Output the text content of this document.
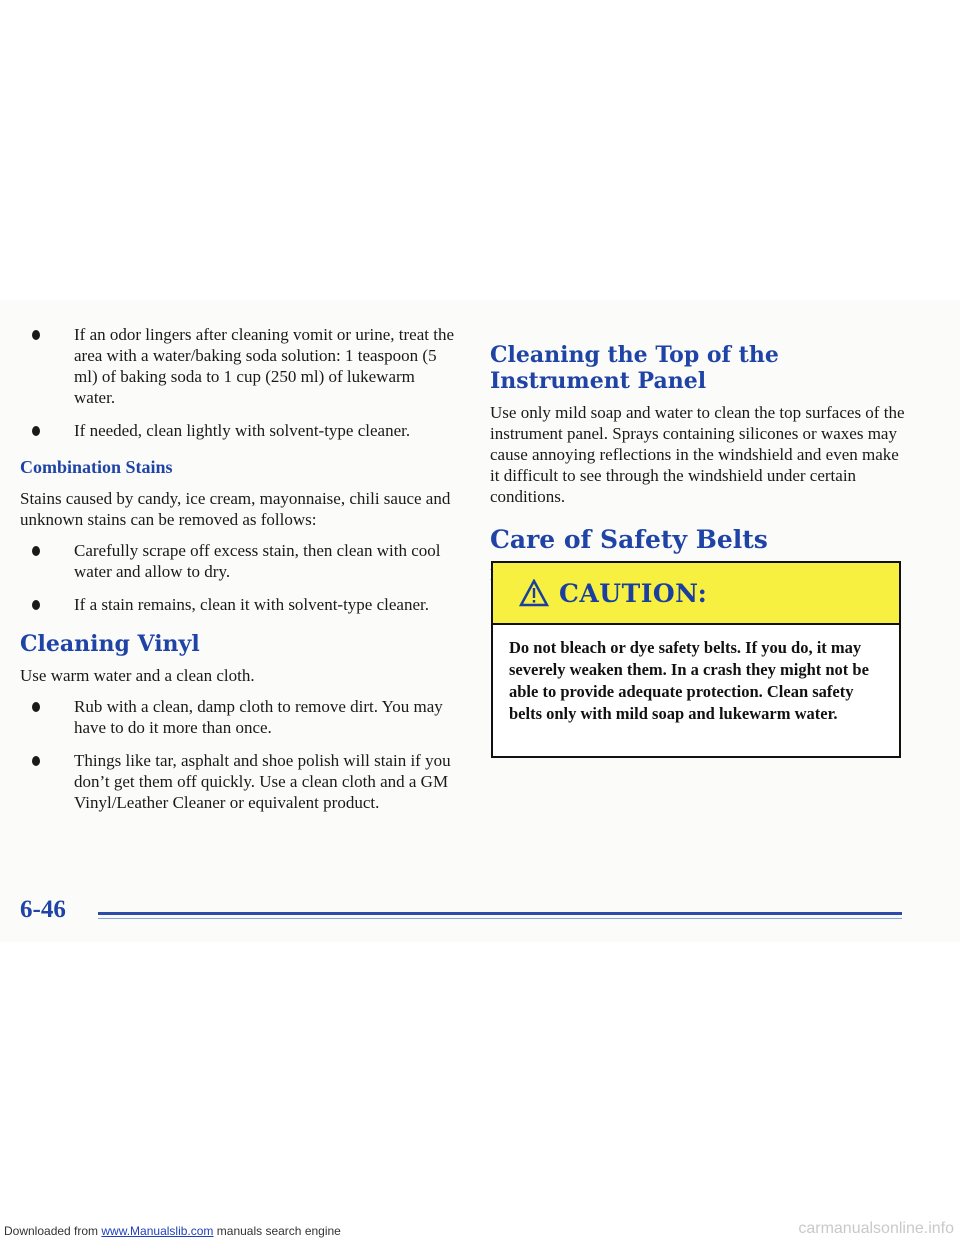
If an odor lingers after cleaning vomit or urine, treat the area with a water/baking soda solution: 1 teaspoon (5 ml) of baking soda to 1 cup (250 ml) of lukewarm water.
If needed, clean lightly with solvent-type cleaner.
Combination Stains

Stains caused by candy, ice cream, mayonnaise, chili sauce and unknown stains can be removed as follows:

Carefully scrape off excess stain, then clean with cool water and allow to dry.
If a stain remains, clean it with solvent-type cleaner.
Cleaning Vinyl

Use warm water and a clean cloth.

Rub with a clean, damp cloth to remove dirt. You may have to do it more than once.
Things like tar, asphalt and shoe polish will stain if you don’t get them off quickly. Use a clean cloth and a GM Vinyl/Leather Cleaner or equivalent product.
Cleaning the Top of the Instrument Panel

Use only mild soap and water to clean the top surfaces of the instrument panel. Sprays containing silicones or waxes may cause annoying reflections in the windshield and even make it difficult to see through the windshield under certain conditions.

Care of Safety Belts

CAUTION:
Do not bleach or dye safety belts. If you do, it may severely weaken them. In a crash they might not be able to provide adequate protection. Clean safety belts only with mild soap and lukewarm water.
6-46
Downloaded from www.Manualslib.com manuals search engine	carmanualsonline.info
